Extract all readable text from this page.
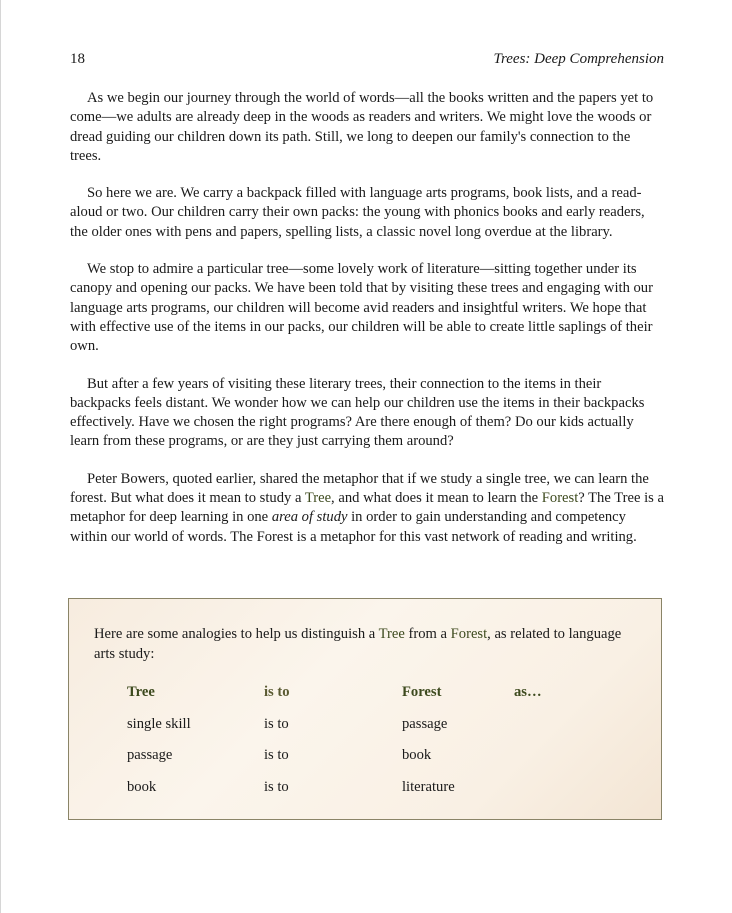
18	Trees: Deep Comprehension

As we begin our journey through the world of words—all the books written and the papers yet to come—we adults are already deep in the woods as readers and writers. We might love the woods or dread guiding our children down its path. Still, we long to deepen our family's connection to the trees.

So here we are. We carry a backpack filled with language arts programs, book lists, and a read-aloud or two. Our children carry their own packs: the young with phonics books and early readers, the older ones with pens and papers, spelling lists, a classic novel long overdue at the library.

We stop to admire a particular tree—some lovely work of literature—sitting together under its canopy and opening our packs. We have been told that by visiting these trees and engaging with our language arts programs, our children will become avid readers and insightful writers. We hope that with effective use of the items in our packs, our children will be able to create little saplings of their own.

But after a few years of visiting these literary trees, their connection to the items in their backpacks feels distant. We wonder how we can help our children use the items in their backpacks effectively. Have we chosen the right programs? Are there enough of them? Do our kids actually learn from these programs, or are they just carrying them around?

Peter Bowers, quoted earlier, shared the metaphor that if we study a single tree, we can learn the forest. But what does it mean to study a Tree, and what does it mean to learn the Forest? The Tree is a metaphor for deep learning in one area of study in order to gain understanding and competency within our world of words. The Forest is a metaphor for this vast network of reading and writing.

Here are some analogies to help us distinguish a Tree from a Forest, as related to language arts study:

Tree	is to	Forest	as…
single skill	is to	passage
passage	is to	book
book	is to	literature
